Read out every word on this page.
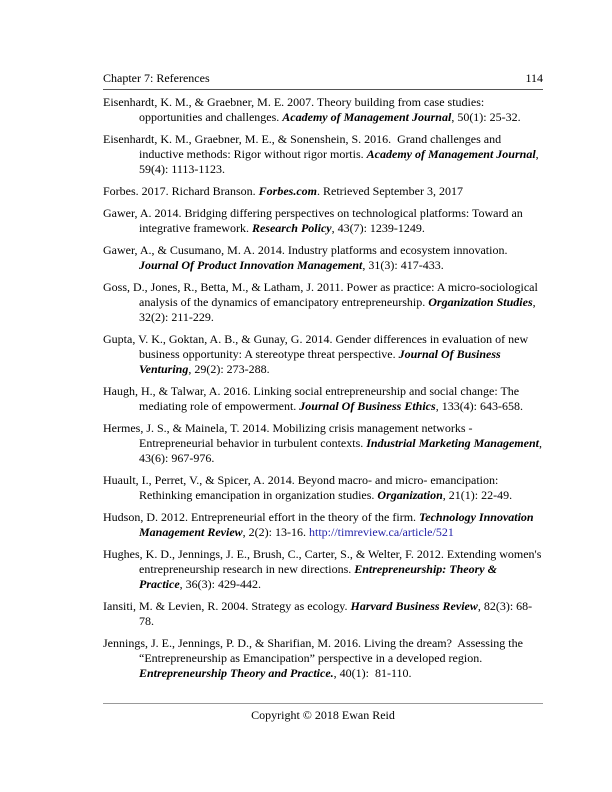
Chapter 7: References	114

Eisenhardt, K. M., & Graebner, M. E. 2007. Theory building from case studies: opportunities and challenges. Academy of Management Journal, 50(1): 25-32.

Eisenhardt, K. M., Graebner, M. E., & Sonenshein, S. 2016.  Grand challenges and inductive methods: Rigor without rigor mortis. Academy of Management Journal, 59(4): 1113-1123.

Forbes. 2017. Richard Branson. Forbes.com. Retrieved September 3, 2017

Gawer, A. 2014. Bridging differing perspectives on technological platforms: Toward an integrative framework. Research Policy, 43(7): 1239-1249.

Gawer, A., & Cusumano, M. A. 2014. Industry platforms and ecosystem innovation. Journal Of Product Innovation Management, 31(3): 417-433.

Goss, D., Jones, R., Betta, M., & Latham, J. 2011. Power as practice: A micro-sociological analysis of the dynamics of emancipatory entrepreneurship. Organization Studies, 32(2): 211-229.

Gupta, V. K., Goktan, A. B., & Gunay, G. 2014. Gender differences in evaluation of new business opportunity: A stereotype threat perspective. Journal Of Business Venturing, 29(2): 273-288.

Haugh, H., & Talwar, A. 2016. Linking social entrepreneurship and social change: The mediating role of empowerment. Journal Of Business Ethics, 133(4): 643-658.

Hermes, J. S., & Mainela, T. 2014. Mobilizing crisis management networks - Entrepreneurial behavior in turbulent contexts. Industrial Marketing Management, 43(6): 967-976.

Huault, I., Perret, V., & Spicer, A. 2014. Beyond macro- and micro- emancipation: Rethinking emancipation in organization studies. Organization, 21(1): 22-49.

Hudson, D. 2012. Entrepreneurial effort in the theory of the firm. Technology Innovation Management Review, 2(2): 13-16. http://timreview.ca/article/521

Hughes, K. D., Jennings, J. E., Brush, C., Carter, S., & Welter, F. 2012. Extending women's entrepreneurship research in new directions. Entrepreneurship: Theory & Practice, 36(3): 429-442.

Iansiti, M. & Levien, R. 2004. Strategy as ecology. Harvard Business Review, 82(3): 68-78.

Jennings, J. E., Jennings, P. D., & Sharifian, M. 2016. Living the dream?  Assessing the “Entrepreneurship as Emancipation” perspective in a developed region. Entrepreneurship Theory and Practice., 40(1):  81-110.

Copyright © 2018 Ewan Reid
